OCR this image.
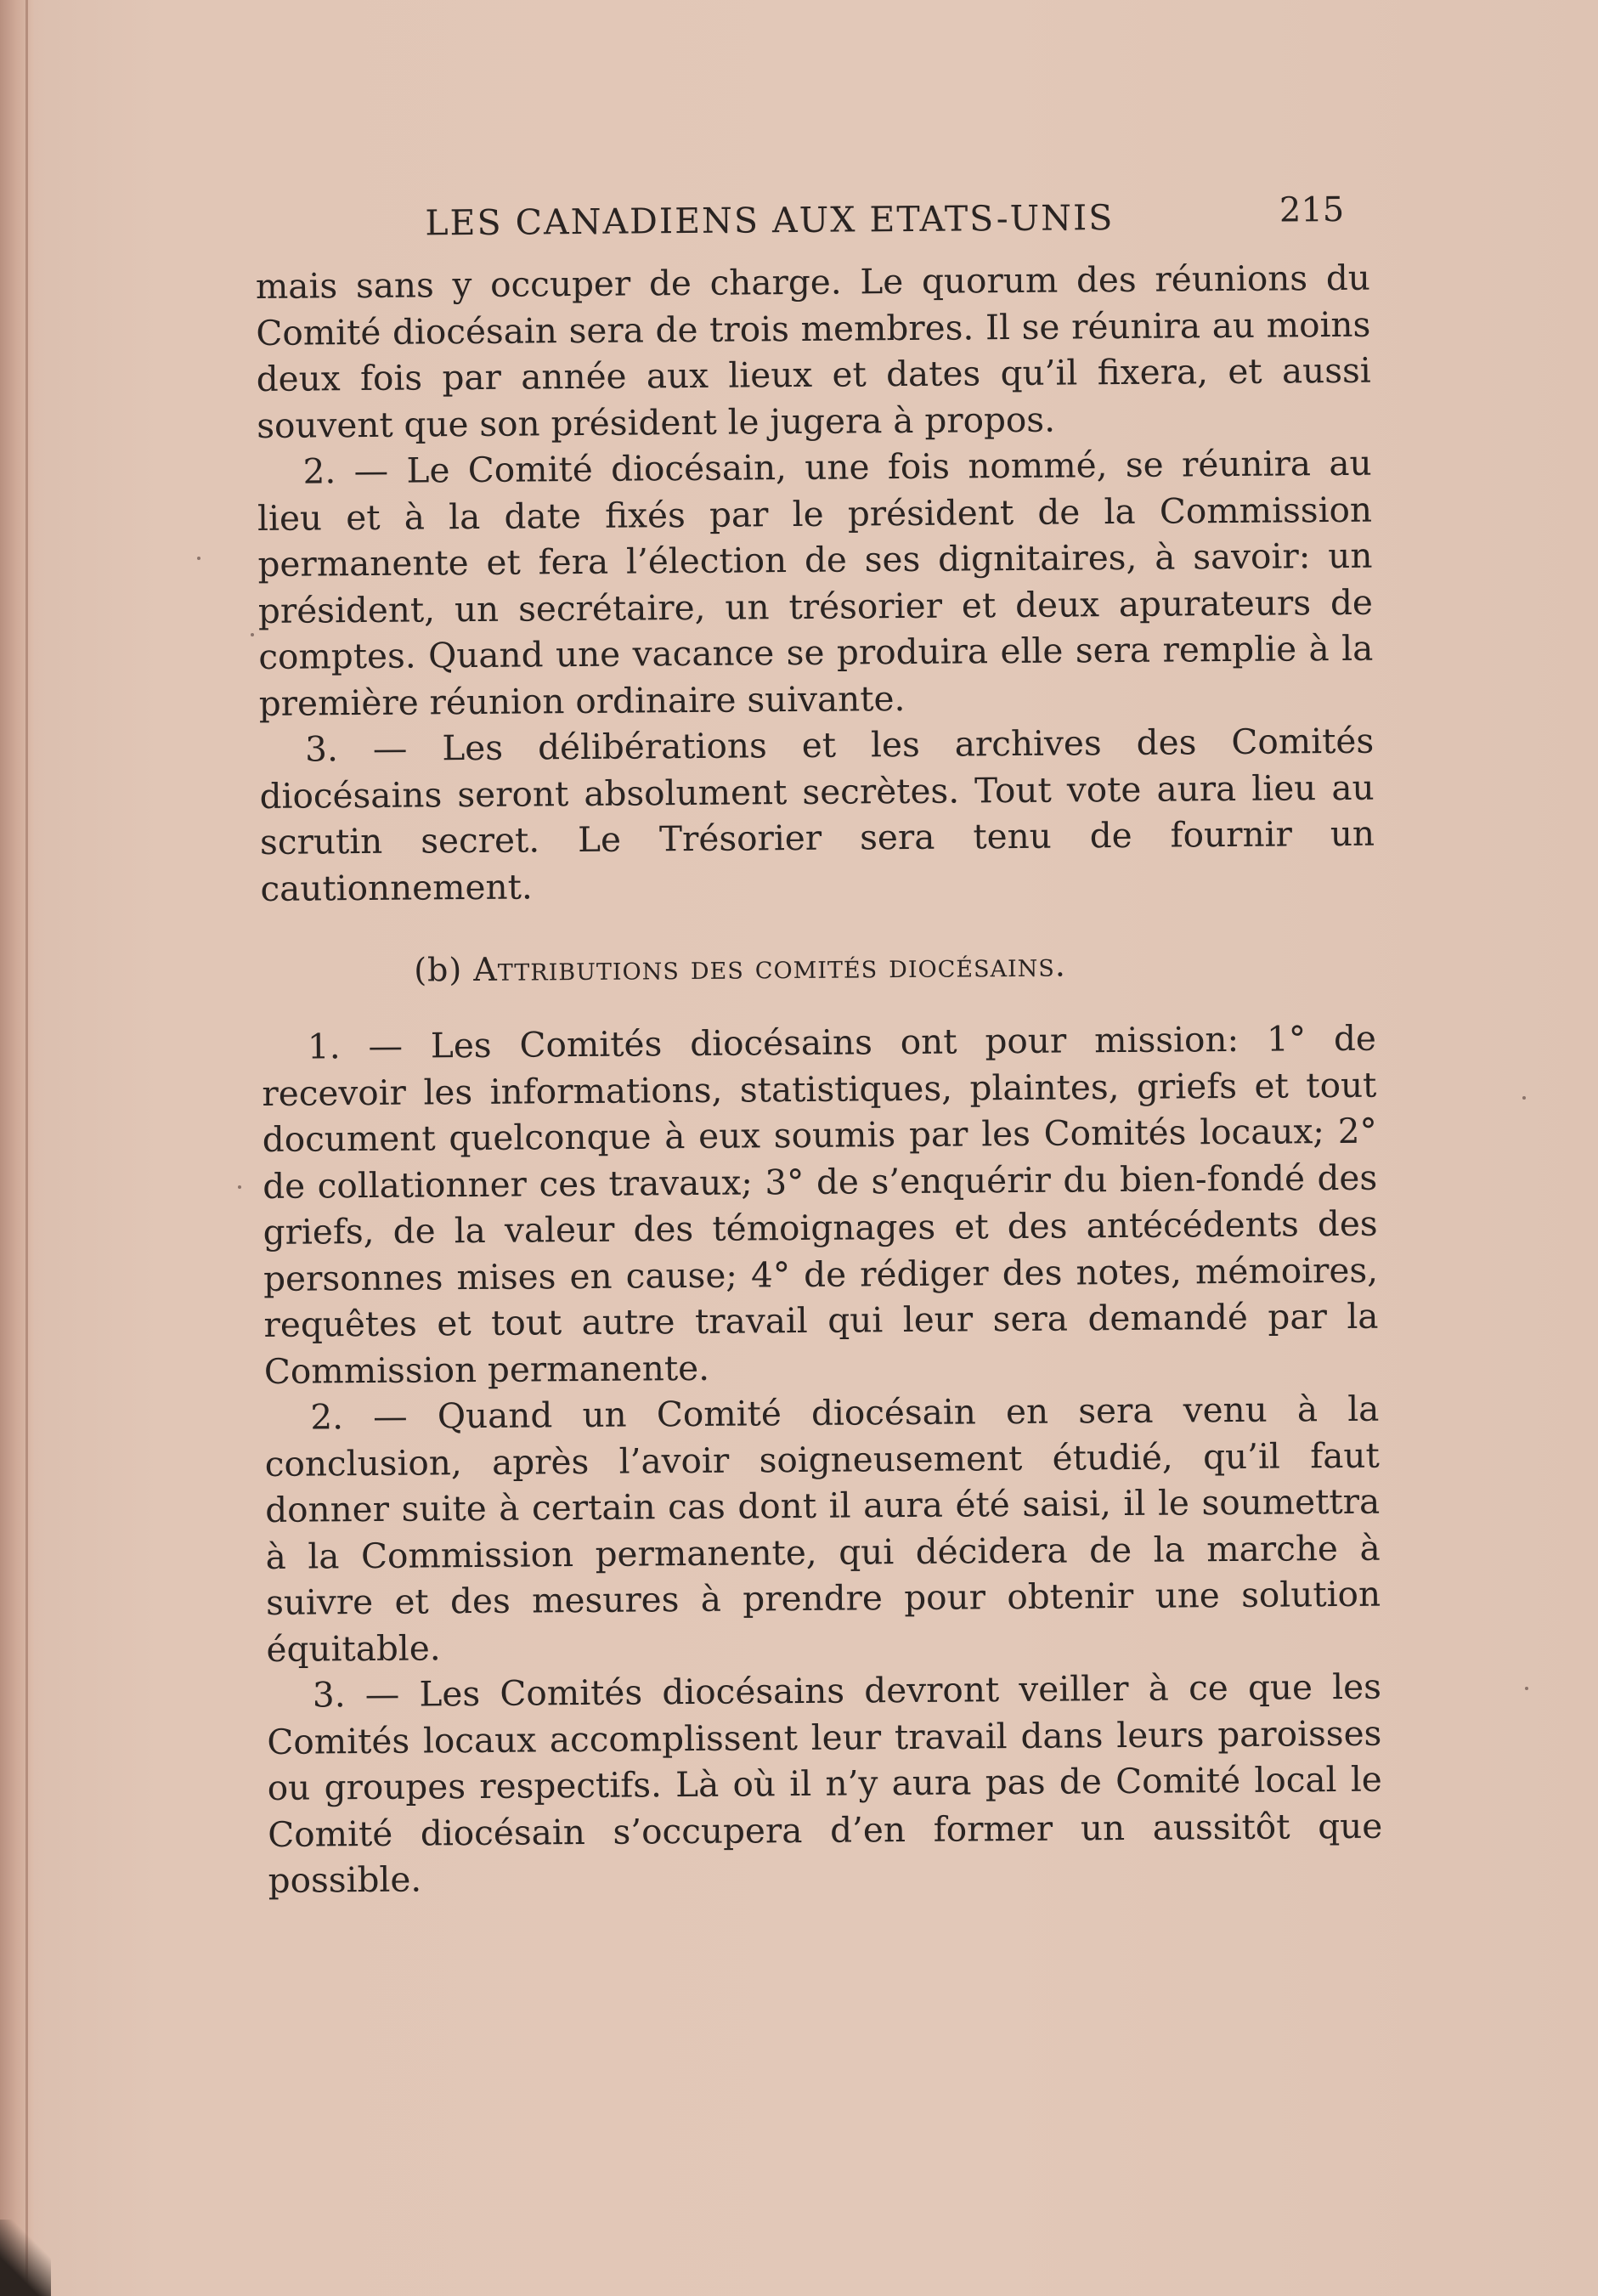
LES CANADIENS AUX ETATS-UNIS	215

mais sans y occuper de charge. Le quorum des réunions du Comité diocésain sera de trois membres. Il se réunira au moins deux fois par année aux lieux et dates qu’il fixera, et aussi souvent que son président le jugera à propos.

2. — Le Comité diocésain, une fois nommé, se réunira au lieu et à la date fixés par le président de la Commission permanente et fera l’élection de ses dignitaires, à savoir: un président, un secrétaire, un trésorier et deux apurateurs de comptes. Quand une vacance se produira elle sera remplie à la première réunion ordinaire suivante.

3. — Les délibérations et les archives des Comités diocésains seront absolument secrètes. Tout vote aura lieu au scrutin secret. Le Trésorier sera tenu de fournir un cautionnement.

(b) Attributions des comités diocésains.

1. — Les Comités diocésains ont pour mission: 1° de recevoir les informations, statistiques, plaintes, griefs et tout document quelconque à eux soumis par les Comités locaux; 2° de collationner ces travaux; 3° de s’enquérir du bien-fondé des griefs, de la valeur des témoignages et des antécédents des personnes mises en cause; 4° de rédiger des notes, mémoires, requêtes et tout autre travail qui leur sera demandé par la Commission permanente.

2. — Quand un Comité diocésain en sera venu à la conclusion, après l’avoir soigneusement étudié, qu’il faut donner suite à certain cas dont il aura été saisi, il le soumettra à la Commission permanente, qui décidera de la marche à suivre et des mesures à prendre pour obtenir une solution équitable.

3. — Les Comités diocésains devront veiller à ce que les Comités locaux accomplissent leur travail dans leurs paroisses ou groupes respectifs. Là où il n’y aura pas de Comité local le Comité diocésain s’occupera d’en former un aussitôt que possible.
